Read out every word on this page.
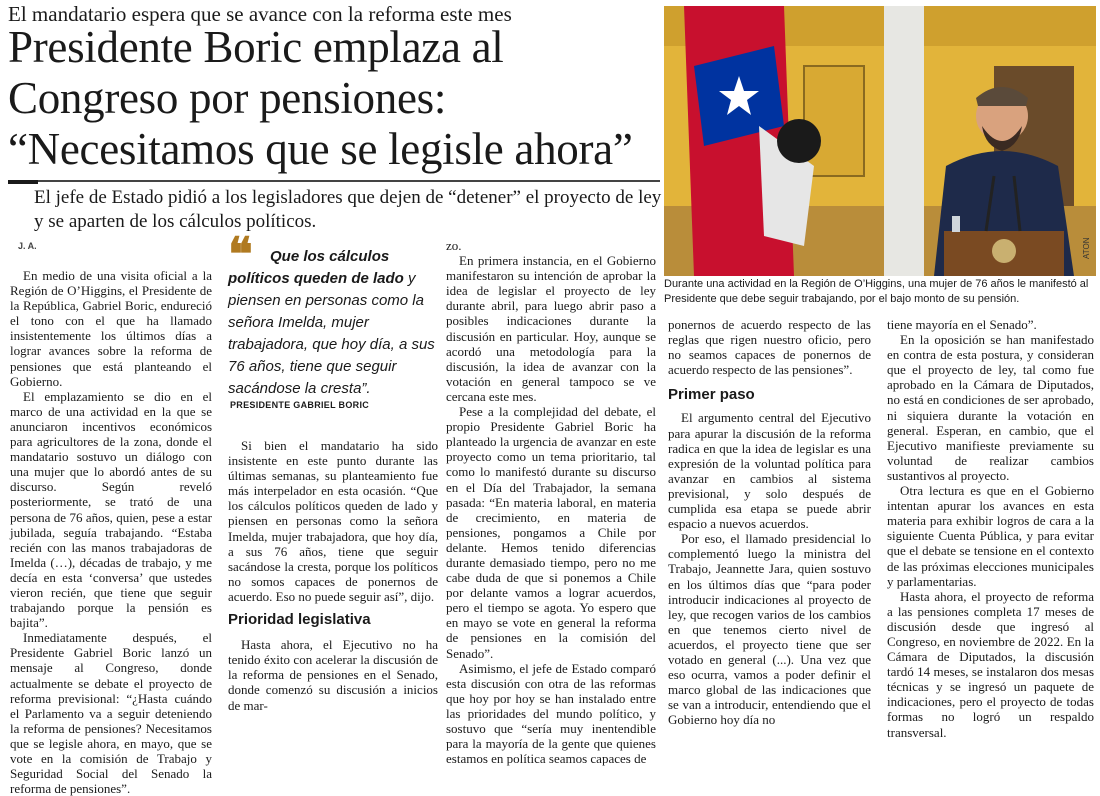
El mandatario espera que se avance con la reforma este mes
Presidente Boric emplaza al
Congreso por pensiones:
“Necesitamos que se legisle ahora”
El jefe de Estado pidió a los legisladores que dejen de “detener” el proyecto de ley y se aparten de los cálculos políticos.
J. A.

En medio de una visita oficial a la Región de O’Higgins, el Presidente de la República, Gabriel Boric, endureció el tono con el que ha llamado insistentemente los últimos días a lograr avances sobre la reforma de pensiones que está planteando el Gobierno.

El emplazamiento se dio en el marco de una actividad en la que se anunciaron incentivos económicos para agricultores de la zona, donde el mandatario sostuvo un diálogo con una mujer que lo abordó antes de su discurso. Según reveló posteriormente, se trató de una persona de 76 años, quien, pese a estar jubilada, seguía trabajando. “Estaba recién con las manos trabajadoras de Imelda (…), décadas de trabajo, y me decía en esta ‘conversa’ que ustedes vieron recién, que tiene que seguir trabajando porque la pensión es bajita”.

Inmediatamente después, el Presidente Gabriel Boric lanzó un mensaje al Congreso, donde actualmente se debate el proyecto de reforma previsional: “¿Hasta cuándo el Parlamento va a seguir deteniendo la reforma de pensiones? Necesitamos que se legisle ahora, en mayo, que se vote en la comisión de Trabajo y Seguridad Social del Senado la reforma de pensiones”.

❝	Que los cálculos políticos queden de lado y piensen en personas como la señora Imelda, mujer trabajadora, que hoy día, a sus 76 años, tiene que seguir sacándose la cresta”.
PRESIDENTE GABRIEL BORIC

Si bien el mandatario ha sido insistente en este punto durante las últimas semanas, su planteamiento fue más interpelador en esta ocasión. “Que los cálculos políticos queden de lado y piensen en personas como la señora Imelda, mujer trabajadora, que hoy día, a sus 76 años, tiene que seguir sacándose la cresta, porque los políticos no somos capaces de ponernos de acuerdo. Eso no puede seguir así”, dijo.

Prioridad legislativa

Hasta ahora, el Ejecutivo no ha tenido éxito con acelerar la discusión de la reforma de pensiones en el Senado, donde comenzó su discusión a inicios de mar-

zo.

En primera instancia, en el Gobierno manifestaron su intención de aprobar la idea de legislar el proyecto de ley durante abril, para luego abrir paso a posibles indicaciones durante la discusión en particular. Hoy, aunque se acordó una metodología para la discusión, la idea de avanzar con la votación en general tampoco se ve cercana este mes.

Pese a la complejidad del debate, el propio Presidente Gabriel Boric ha planteado la urgencia de avanzar en este proyecto como un tema prioritario, tal como lo manifestó durante su discurso en el Día del Trabajador, la semana pasada: “En materia laboral, en materia de crecimiento, en materia de pensiones, pongamos a Chile por delante. Hemos tenido diferencias durante demasiado tiempo, pero no me cabe duda de que si ponemos a Chile por delante vamos a lograr acuerdos, pero el tiempo se agota. Yo espero que en mayo se vote en general la reforma de pensiones en la comisión del Senado”.

Asimismo, el jefe de Estado comparó esta discusión con otra de las reformas que hoy por hoy se han instalado entre las prioridades del mundo político, y sostuvo que “sería muy inentendible para la mayoría de la gente que quienes estamos en política seamos capaces de

ponernos de acuerdo respecto de las reglas que rigen nuestro oficio, pero no seamos capaces de ponernos de acuerdo respecto de las pensiones”.

Primer paso

El argumento central del Ejecutivo para apurar la discusión de la reforma radica en que la idea de legislar es una expresión de la voluntad política para avanzar en cambios al sistema previsional, y solo después de cumplida esa etapa se puede abrir espacio a nuevos acuerdos.

Por eso, el llamado presidencial lo complementó luego la ministra del Trabajo, Jeannette Jara, quien sostuvo en los últimos días que “para poder introducir indicaciones al proyecto de ley, que recogen varios de los cambios en que tenemos cierto nivel de acuerdos, el proyecto tiene que ser votado en general (...). Una vez que eso ocurra, vamos a poder definir el marco global de las indicaciones que se van a introducir, entendiendo que el Gobierno hoy día no

tiene mayoría en el Senado”.

En la oposición se han manifestado en contra de esta postura, y consideran que el proyecto de ley, tal como fue aprobado en la Cámara de Diputados, no está en condiciones de ser aprobado, ni siquiera durante la votación en general. Esperan, en cambio, que el Ejecutivo manifieste previamente su voluntad de realizar cambios sustantivos al proyecto.

Otra lectura es que en el Gobierno intentan apurar los avances en esta materia para exhibir logros de cara a la siguiente Cuenta Pública, y para evitar que el debate se tensione en el contexto de las próximas elecciones municipales y parlamentarias.

Hasta ahora, el proyecto de reforma a las pensiones completa 17 meses de discusión desde que ingresó al Congreso, en noviembre de 2022. En la Cámara de Diputados, la discusión tardó 14 meses, se instalaron dos mesas técnicas y se ingresó un paquete de indicaciones, pero el proyecto de todas formas no logró un respaldo transversal.

ATON
Durante una actividad en la Región de O’Higgins, una mujer de 76 años le manifestó al Presidente que debe seguir trabajando, por el bajo monto de su pensión.
